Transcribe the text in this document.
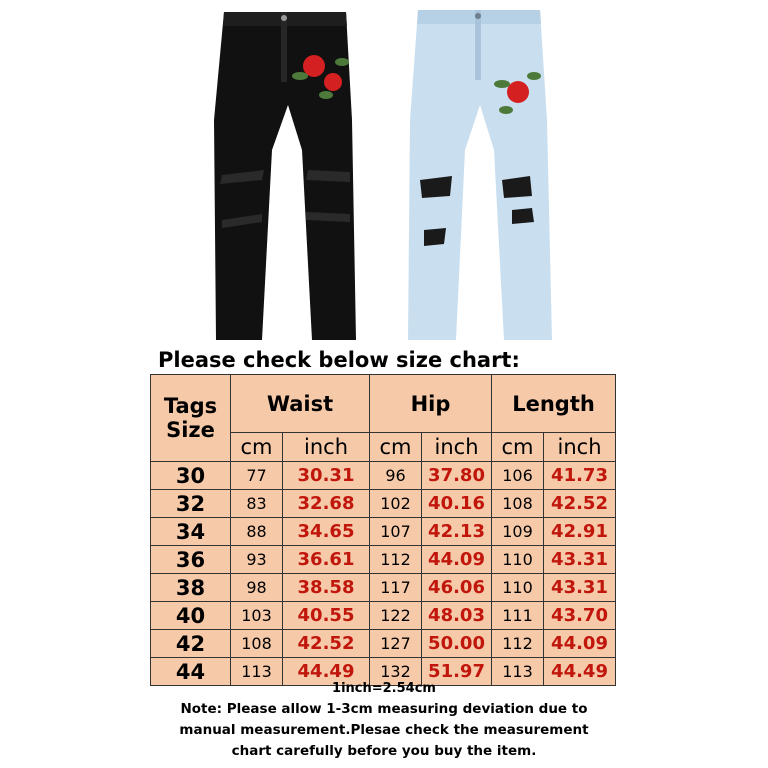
Please check below size chart:
Tags
Size	Waist		Hip		Length	
	cm	inch	cm	inch	cm	inch
30	77	30.31	96	37.80	106	41.73
32	83	32.68	102	40.16	108	42.52
34	88	34.65	107	42.13	109	42.91
36	93	36.61	112	44.09	110	43.31
38	98	38.58	117	46.06	110	43.31
40	103	40.55	122	48.03	111	43.70
42	108	42.52	127	50.00	112	44.09
44	113	44.49	132	51.97	113	44.49
1inch=2.54cm
Note: Please allow 1-3cm measuring deviation due to
manual measurement.Plesae check the measurement
chart carefully before you buy the item.
